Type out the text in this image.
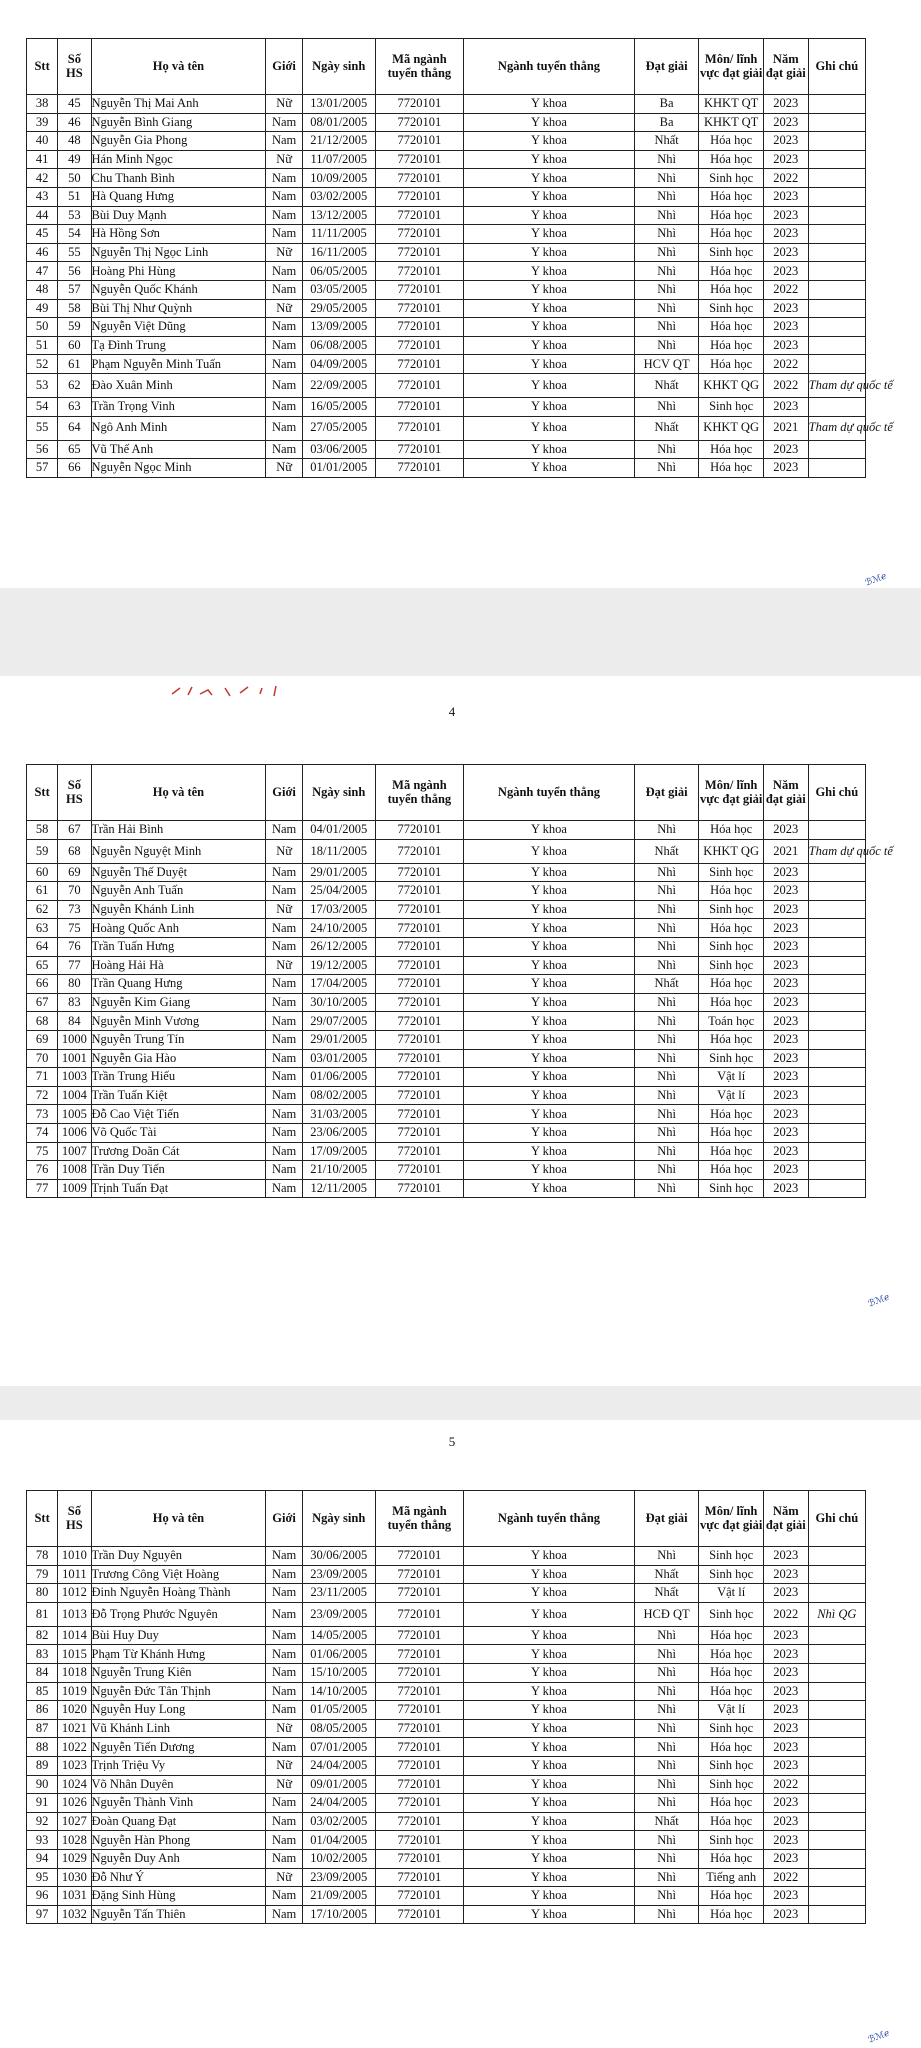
Stt	Số HS	Họ và tên	Giới	Ngày sinh	Mã ngành tuyển thẳng	Ngành tuyển thẳng	Đạt giải	Môn/ lĩnh vực đạt giải	Năm đạt giải	Ghi chú
38	45	Nguyễn Thị Mai Anh	Nữ	13/01/2005	7720101	Y khoa	Ba	KHKT QT	2023	
39	46	Nguyễn Bình Giang	Nam	08/01/2005	7720101	Y khoa	Ba	KHKT QT	2023	
40	48	Nguyễn Gia Phong	Nam	21/12/2005	7720101	Y khoa	Nhất	Hóa học	2023	
41	49	Hán Minh Ngọc	Nữ	11/07/2005	7720101	Y khoa	Nhì	Hóa học	2023	
42	50	Chu Thanh Bình	Nam	10/09/2005	7720101	Y khoa	Nhì	Sinh học	2022	
43	51	Hà Quang Hưng	Nam	03/02/2005	7720101	Y khoa	Nhì	Hóa học	2023	
44	53	Bùi Duy Mạnh	Nam	13/12/2005	7720101	Y khoa	Nhì	Hóa học	2023	
45	54	Hà Hồng Sơn	Nam	11/11/2005	7720101	Y khoa	Nhì	Hóa học	2023	
46	55	Nguyễn Thị Ngọc Linh	Nữ	16/11/2005	7720101	Y khoa	Nhì	Sinh học	2023	
47	56	Hoàng Phi Hùng	Nam	06/05/2005	7720101	Y khoa	Nhì	Hóa học	2023	
48	57	Nguyễn Quốc Khánh	Nam	03/05/2005	7720101	Y khoa	Nhì	Hóa học	2022	
49	58	Bùi Thị Như Quỳnh	Nữ	29/05/2005	7720101	Y khoa	Nhì	Sinh học	2023	
50	59	Nguyễn Việt Dũng	Nam	13/09/2005	7720101	Y khoa	Nhì	Hóa học	2023	
51	60	Tạ Đình Trung	Nam	06/08/2005	7720101	Y khoa	Nhì	Hóa học	2023	
52	61	Phạm Nguyễn Minh Tuấn	Nam	04/09/2005	7720101	Y khoa	HCV QT	Hóa học	2022	
53	62	Đào Xuân Minh	Nam	22/09/2005	7720101	Y khoa	Nhất	KHKT QG	2022	Tham dự quốc tế
54	63	Trần Trọng Vinh	Nam	16/05/2005	7720101	Y khoa	Nhì	Sinh học	2023	
55	64	Ngô Anh Minh	Nam	27/05/2005	7720101	Y khoa	Nhất	KHKT QG	2021	Tham dự quốc tế
56	65	Vũ Thế Anh	Nam	03/06/2005	7720101	Y khoa	Nhì	Hóa học	2023	
57	66	Nguyễn Ngọc Minh	Nữ	01/01/2005	7720101	Y khoa	Nhì	Hóa học	2023	
ℬℳℯ
4
Stt	Số HS	Họ và tên	Giới	Ngày sinh	Mã ngành tuyển thẳng	Ngành tuyển thẳng	Đạt giải	Môn/ lĩnh vực đạt giải	Năm đạt giải	Ghi chú
58	67	Trần Hải Bình	Nam	04/01/2005	7720101	Y khoa	Nhì	Hóa học	2023	
59	68	Nguyễn Nguyệt Minh	Nữ	18/11/2005	7720101	Y khoa	Nhất	KHKT QG	2021	Tham dự quốc tế
60	69	Nguyễn Thế Duyệt	Nam	29/01/2005	7720101	Y khoa	Nhì	Sinh học	2023	
61	70	Nguyễn Anh Tuấn	Nam	25/04/2005	7720101	Y khoa	Nhì	Hóa học	2023	
62	73	Nguyễn Khánh Linh	Nữ	17/03/2005	7720101	Y khoa	Nhì	Sinh học	2023	
63	75	Hoàng Quốc Anh	Nam	24/10/2005	7720101	Y khoa	Nhì	Hóa học	2023	
64	76	Trần Tuấn Hưng	Nam	26/12/2005	7720101	Y khoa	Nhì	Sinh học	2023	
65	77	Hoàng Hải Hà	Nữ	19/12/2005	7720101	Y khoa	Nhì	Sinh học	2023	
66	80	Trần Quang Hưng	Nam	17/04/2005	7720101	Y khoa	Nhất	Hóa học	2023	
67	83	Nguyễn Kim Giang	Nam	30/10/2005	7720101	Y khoa	Nhì	Hóa học	2023	
68	84	Nguyễn Minh Vương	Nam	29/07/2005	7720101	Y khoa	Nhì	Toán học	2023	
69	1000	Nguyễn Trung Tín	Nam	29/01/2005	7720101	Y khoa	Nhì	Hóa học	2023	
70	1001	Nguyễn Gia Hào	Nam	03/01/2005	7720101	Y khoa	Nhì	Sinh học	2023	
71	1003	Trần Trung Hiếu	Nam	01/06/2005	7720101	Y khoa	Nhì	Vật lí	2023	
72	1004	Trần Tuấn Kiệt	Nam	08/02/2005	7720101	Y khoa	Nhì	Vật lí	2023	
73	1005	Đỗ Cao Việt Tiến	Nam	31/03/2005	7720101	Y khoa	Nhì	Hóa học	2023	
74	1006	Võ Quốc Tài	Nam	23/06/2005	7720101	Y khoa	Nhì	Hóa học	2023	
75	1007	Trương Doãn Cát	Nam	17/09/2005	7720101	Y khoa	Nhì	Hóa học	2023	
76	1008	Trần Duy Tiến	Nam	21/10/2005	7720101	Y khoa	Nhì	Hóa học	2023	
77	1009	Trịnh Tuấn Đạt	Nam	12/11/2005	7720101	Y khoa	Nhì	Sinh học	2023	
ℬℳℯ
5
Stt	Số HS	Họ và tên	Giới	Ngày sinh	Mã ngành tuyển thẳng	Ngành tuyển thẳng	Đạt giải	Môn/ lĩnh vực đạt giải	Năm đạt giải	Ghi chú
78	1010	Trần Duy Nguyên	Nam	30/06/2005	7720101	Y khoa	Nhì	Sinh học	2023	
79	1011	Trương Công Việt Hoàng	Nam	23/09/2005	7720101	Y khoa	Nhất	Sinh học	2023	
80	1012	Đinh Nguyễn Hoàng Thành	Nam	23/11/2005	7720101	Y khoa	Nhất	Vật lí	2023	
81	1013	Đỗ Trọng Phước Nguyên	Nam	23/09/2005	7720101	Y khoa	HCĐ QT	Sinh học	2022	Nhì QG
82	1014	Bùi Huy Duy	Nam	14/05/2005	7720101	Y khoa	Nhì	Hóa học	2023	
83	1015	Phạm Từ Khánh Hưng	Nam	01/06/2005	7720101	Y khoa	Nhì	Hóa học	2023	
84	1018	Nguyễn Trung Kiên	Nam	15/10/2005	7720101	Y khoa	Nhì	Hóa học	2023	
85	1019	Nguyễn Đức Tân Thịnh	Nam	14/10/2005	7720101	Y khoa	Nhì	Hóa học	2023	
86	1020	Nguyễn Huy Long	Nam	01/05/2005	7720101	Y khoa	Nhì	Vật lí	2023	
87	1021	Vũ Khánh Linh	Nữ	08/05/2005	7720101	Y khoa	Nhì	Sinh học	2023	
88	1022	Nguyễn Tiến Dương	Nam	07/01/2005	7720101	Y khoa	Nhì	Hóa học	2023	
89	1023	Trịnh Triệu Vy	Nữ	24/04/2005	7720101	Y khoa	Nhì	Sinh học	2023	
90	1024	Võ Nhân Duyên	Nữ	09/01/2005	7720101	Y khoa	Nhì	Sinh học	2022	
91	1026	Nguyễn Thành Vinh	Nam	24/04/2005	7720101	Y khoa	Nhì	Hóa học	2023	
92	1027	Đoàn Quang Đạt	Nam	03/02/2005	7720101	Y khoa	Nhất	Hóa học	2023	
93	1028	Nguyễn Hàn Phong	Nam	01/04/2005	7720101	Y khoa	Nhì	Sinh học	2023	
94	1029	Nguyễn Duy Anh	Nam	10/02/2005	7720101	Y khoa	Nhì	Hóa học	2023	
95	1030	Đỗ Như Ý	Nữ	23/09/2005	7720101	Y khoa	Nhì	Tiếng anh	2022	
96	1031	Đặng Sinh Hùng	Nam	21/09/2005	7720101	Y khoa	Nhì	Hóa học	2023	
97	1032	Nguyễn Tấn Thiên	Nam	17/10/2005	7720101	Y khoa	Nhì	Hóa học	2023	
ℬℳℯ
